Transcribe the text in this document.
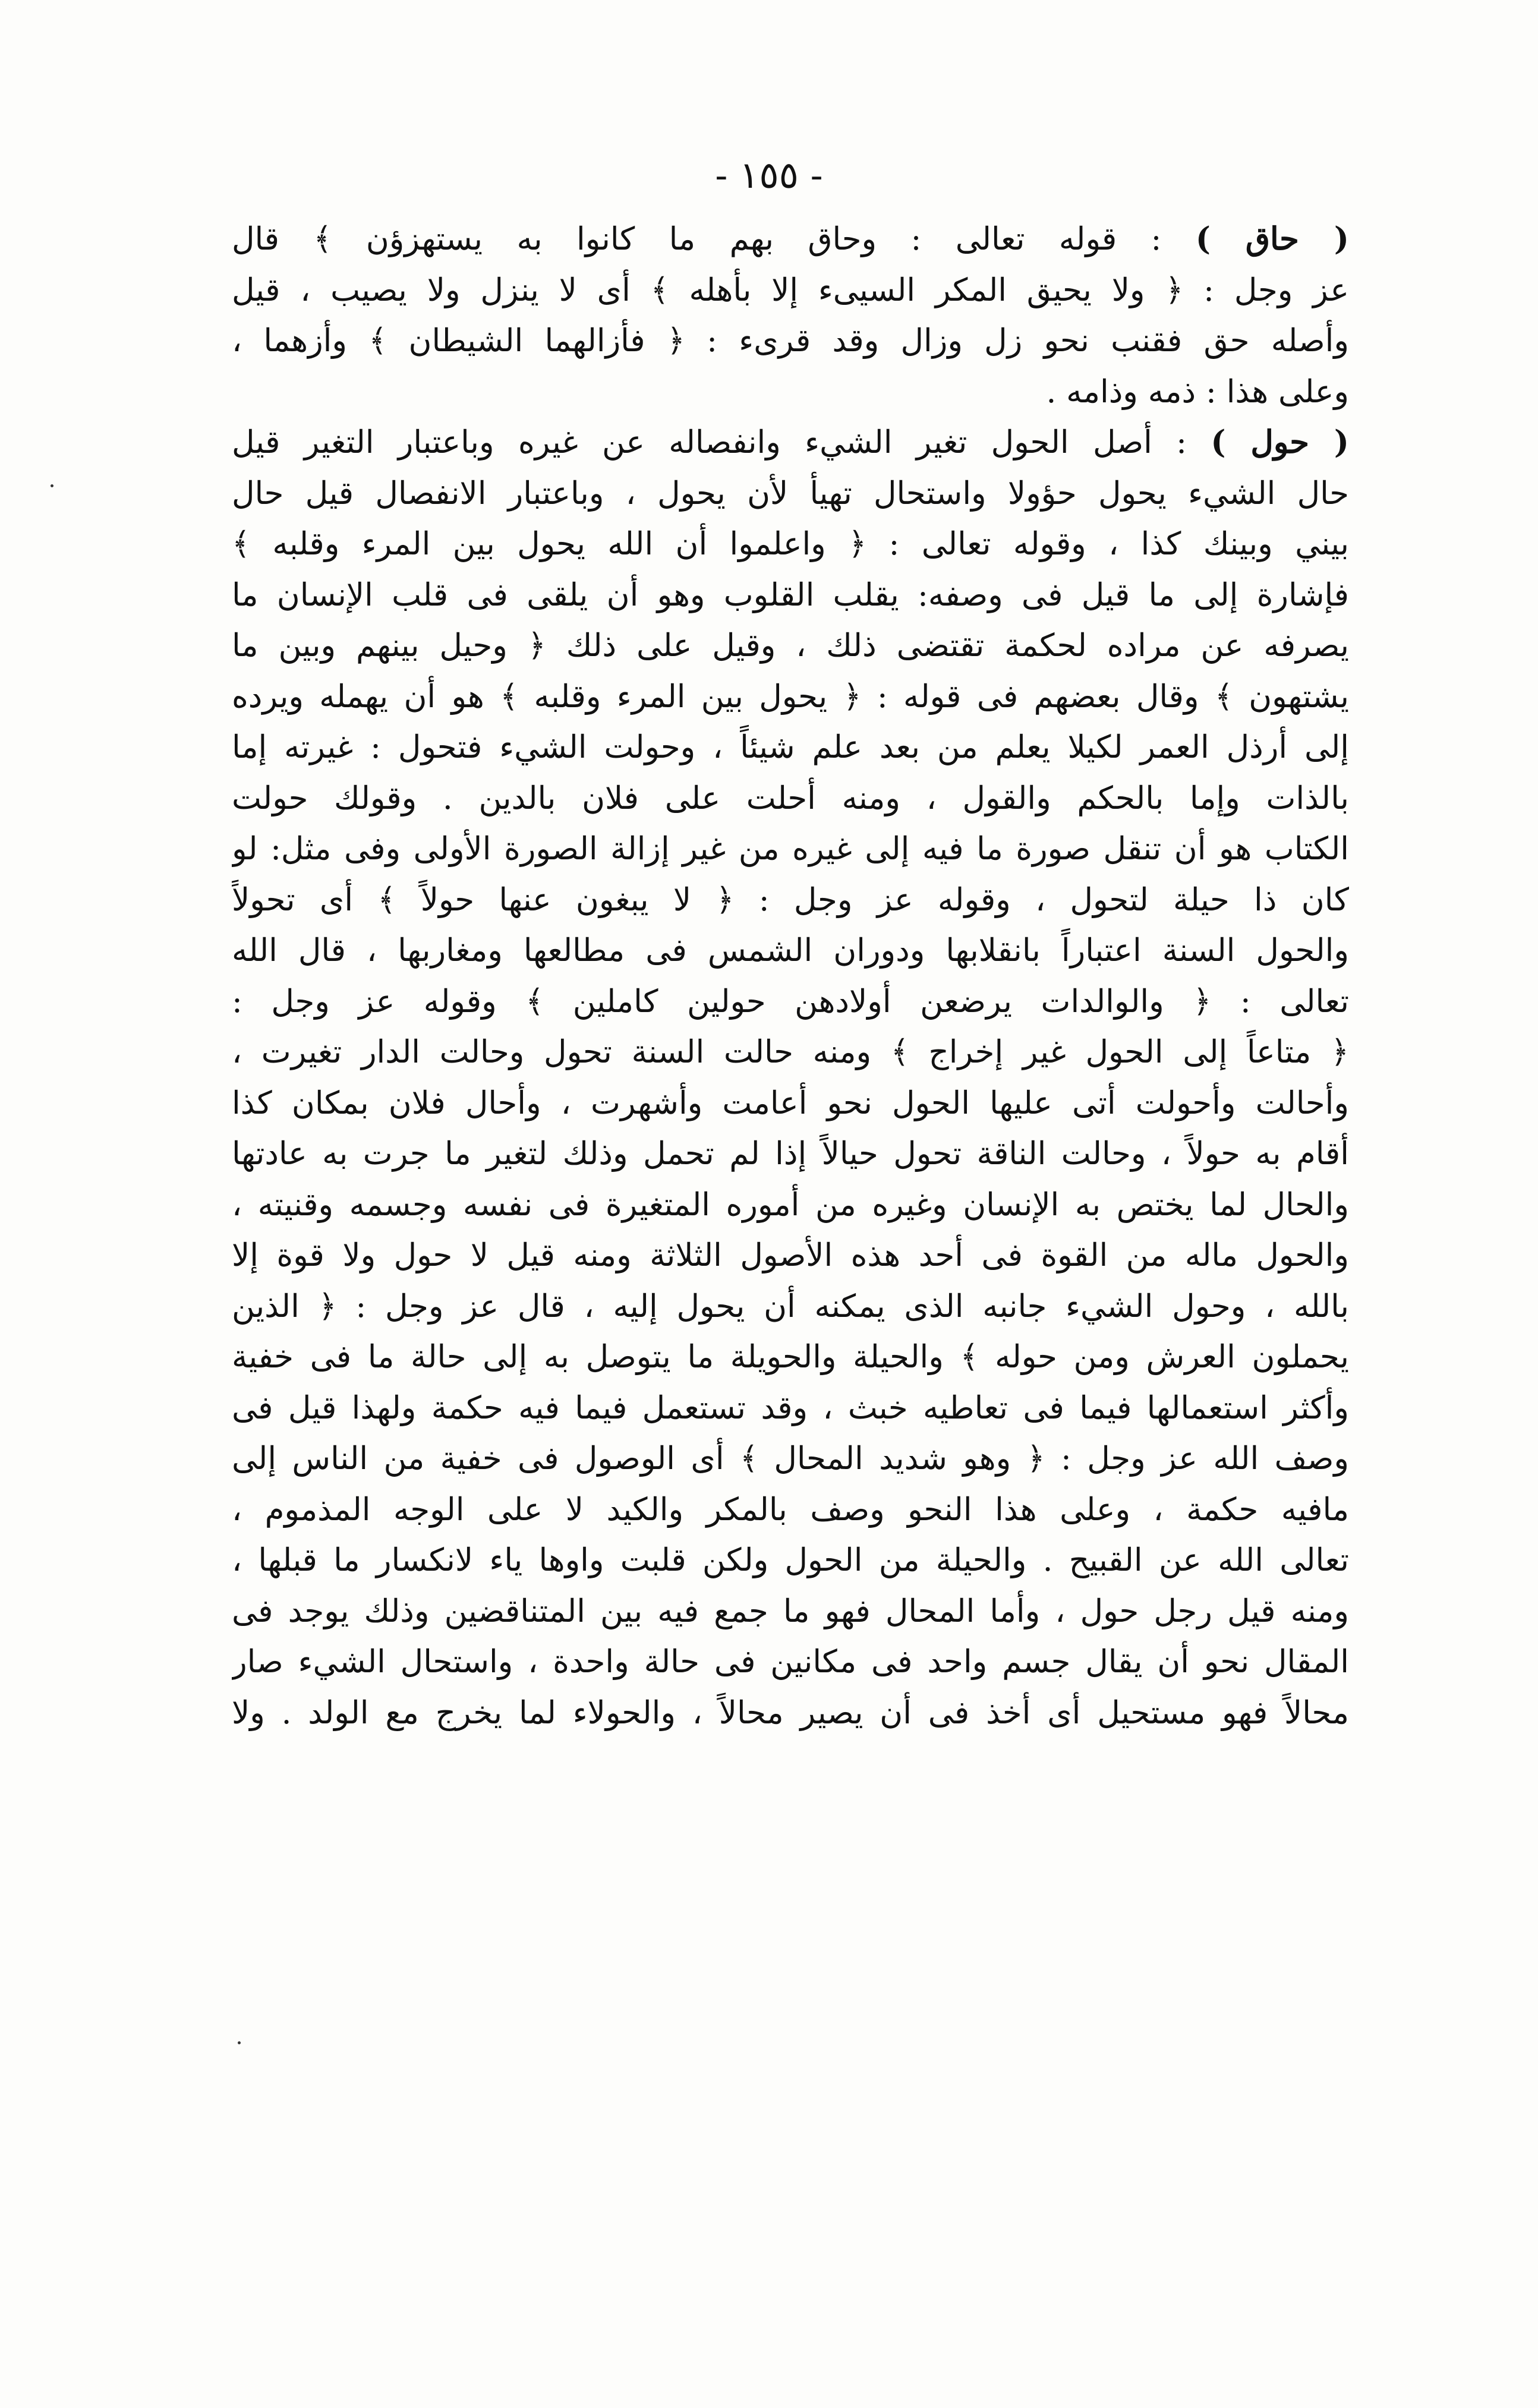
- ١٥٥ -
( حاق ) : قوله تعالى : وحاق بهم ما كانوا به يستهزؤن ﴾ قال
عز وجل : ﴿ ولا يحيق المكر السيىء إلا بأهله ﴾ أى لا ينزل ولا يصيب ، قيل
وأصله حق فقنب نحو زل وزال وقد قرىء : ﴿ فأزالهما الشيطان ﴾ وأزهما ،
وعلى هذا : ذمه وذامه .
( حول ) : أصل الحول تغير الشيء وانفصاله عن غيره وباعتبار التغير قيل
حال الشيء يحول حؤولا واستحال تهيأ لأن يحول ، وباعتبار الانفصال قيل حال
بيني وبينك كذا ، وقوله تعالى : ﴿ واعلموا أن الله يحول بين المرء وقلبه ﴾
فإشارة إلى ما قيل فى وصفه: يقلب القلوب وهو أن يلقى فى قلب الإنسان ما
يصرفه عن مراده لحكمة تقتضى ذلك ، وقيل على ذلك ﴿ وحيل بينهم وبين ما
يشتهون ﴾ وقال بعضهم فى قوله : ﴿ يحول بين المرء وقلبه ﴾ هو أن يهمله ويرده
إلى أرذل العمر لكيلا يعلم من بعد علم شيئاً ، وحولت الشيء فتحول : غيرته إما
بالذات وإما بالحكم والقول ، ومنه أحلت على فلان بالدين . وقولك حولت
الكتاب هو أن تنقل صورة ما فيه إلى غيره من غير إزالة الصورة الأولى وفى مثل: لو
كان ذا حيلة لتحول ، وقوله عز وجل : ﴿ لا يبغون عنها حولاً ﴾ أى تحولاً
والحول السنة اعتباراً بانقلابها ودوران الشمس فى مطالعها ومغاربها ، قال الله
تعالى : ﴿ والوالدات يرضعن أولادهن حولين كاملين ﴾ وقوله عز وجل :
﴿ متاعاً إلى الحول غير إخراج ﴾ ومنه حالت السنة تحول وحالت الدار تغيرت ،
وأحالت وأحولت أتى عليها الحول نحو أعامت وأشهرت ، وأحال فلان بمكان كذا
أقام به حولاً ، وحالت الناقة تحول حيالاً إذا لم تحمل وذلك لتغير ما جرت به عادتها
والحال لما يختص به الإنسان وغيره من أموره المتغيرة فى نفسه وجسمه وقنيته ،
والحول ماله من القوة فى أحد هذه الأصول الثلاثة ومنه قيل لا حول ولا قوة إلا
بالله ، وحول الشيء جانبه الذى يمكنه أن يحول إليه ، قال عز وجل : ﴿ الذين
يحملون العرش ومن حوله ﴾ والحيلة والحويلة ما يتوصل به إلى حالة ما فى خفية
وأكثر استعمالها فيما فى تعاطيه خبث ، وقد تستعمل فيما فيه حكمة ولهذا قيل فى
وصف الله عز وجل : ﴿ وهو شديد المحال ﴾ أى الوصول فى خفية من الناس إلى
مافيه حكمة ، وعلى هذا النحو وصف بالمكر والكيد لا على الوجه المذموم ،
تعالى الله عن القبيح . والحيلة من الحول ولكن قلبت واوها ياء لانكسار ما قبلها ،
ومنه قيل رجل حول ، وأما المحال فهو ما جمع فيه بين المتناقضين وذلك يوجد فى
المقال نحو أن يقال جسم واحد فى مكانين فى حالة واحدة ، واستحال الشيء صار
محالاً فهو مستحيل أى أخذ فى أن يصير محالاً ، والحولاء لما يخرج مع الولد . ولا
